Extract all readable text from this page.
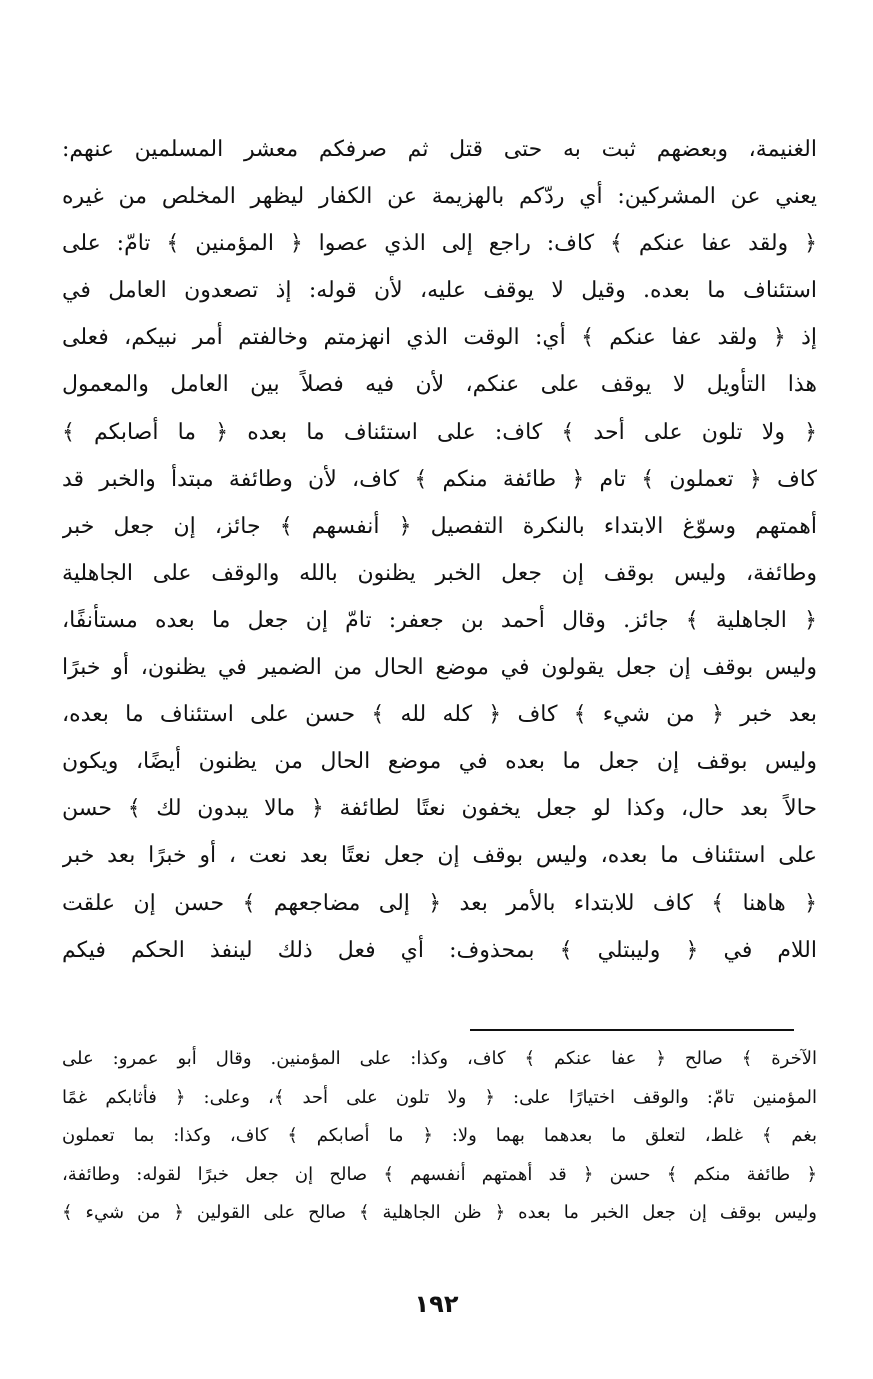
الغنيمة، وبعضهم ثبت به حتى قتل ثم صرفكم معشر المسلمين عنهم:
يعني عن المشركين: أي ردّكم بالهزيمة عن الكفار ليظهر المخلص من غيره
﴿ ولقد عفا عنكم ﴾ كاف: راجع إلى الذي عصوا ﴿ المؤمنين ﴾ تامّ: على
استئناف ما بعده. وقيل لا يوقف عليه، لأن قوله: إذ تصعدون العامل في
إذ ﴿ ولقد عفا عنكم ﴾ أي: الوقت الذي انهزمتم وخالفتم أمر نبيكم، فعلى
هذا التأويل لا يوقف على عنكم، لأن فيه فصلاً بين العامل والمعمول
﴿ ولا تلون على أحد ﴾ كاف: على استئناف ما بعده ﴿ ما أصابكم ﴾
كاف ﴿ تعملون ﴾ تام ﴿ طائفة منكم ﴾ كاف، لأن وطائفة مبتدأ والخبر قد
أهمتهم وسوّغ الابتداء بالنكرة التفصيل ﴿ أنفسهم ﴾ جائز، إن جعل خبر
وطائفة، وليس بوقف إن جعل الخبر يظنون بالله والوقف على الجاهلية
﴿ الجاهلية ﴾ جائز. وقال أحمد بن جعفر: تامّ إن جعل ما بعده مستأنفًا،
وليس بوقف إن جعل يقولون في موضع الحال من الضمير في يظنون، أو خبرًا
بعد خبر ﴿ من شيء ﴾ كاف ﴿ كله لله ﴾ حسن على استئناف ما بعده،
وليس بوقف إن جعل ما بعده في موضع الحال من يظنون أيضًا، ويكون
حالاً بعد حال، وكذا لو جعل يخفون نعتًا لطائفة ﴿ مالا يبدون لك ﴾ حسن
على استئناف ما بعده، وليس بوقف إن جعل نعتًا بعد نعت ، أو خبرًا بعد خبر
﴿ هاهنا ﴾ كاف للابتداء بالأمر بعد ﴿ إلى مضاجعهم ﴾ حسن إن علقت
اللام في ﴿ وليبتلي ﴾ بمحذوف: أي فعل ذلك لينفذ الحكم فيكم
الآخرة ﴾ صالح ﴿ عفا عنكم ﴾ كاف، وكذا: على المؤمنين. وقال أبو عمرو: على
المؤمنين تامّ: والوقف اختيارًا على: ﴿ ولا تلون على أحد ﴾، وعلى: ﴿ فأثابكم غمًا
بغم ﴾ غلط، لتعلق ما بعدهما بهما ولا: ﴿ ما أصابكم ﴾ كاف، وكذا: بما تعملون
﴿ طائفة منكم ﴾ حسن ﴿ قد أهمتهم أنفسهم ﴾ صالح إن جعل خبرًا لقوله: وطائفة،
وليس بوقف إن جعل الخبر ما بعده ﴿ ظن الجاهلية ﴾ صالح على القولين ﴿ من شيء ﴾
١٩٢
